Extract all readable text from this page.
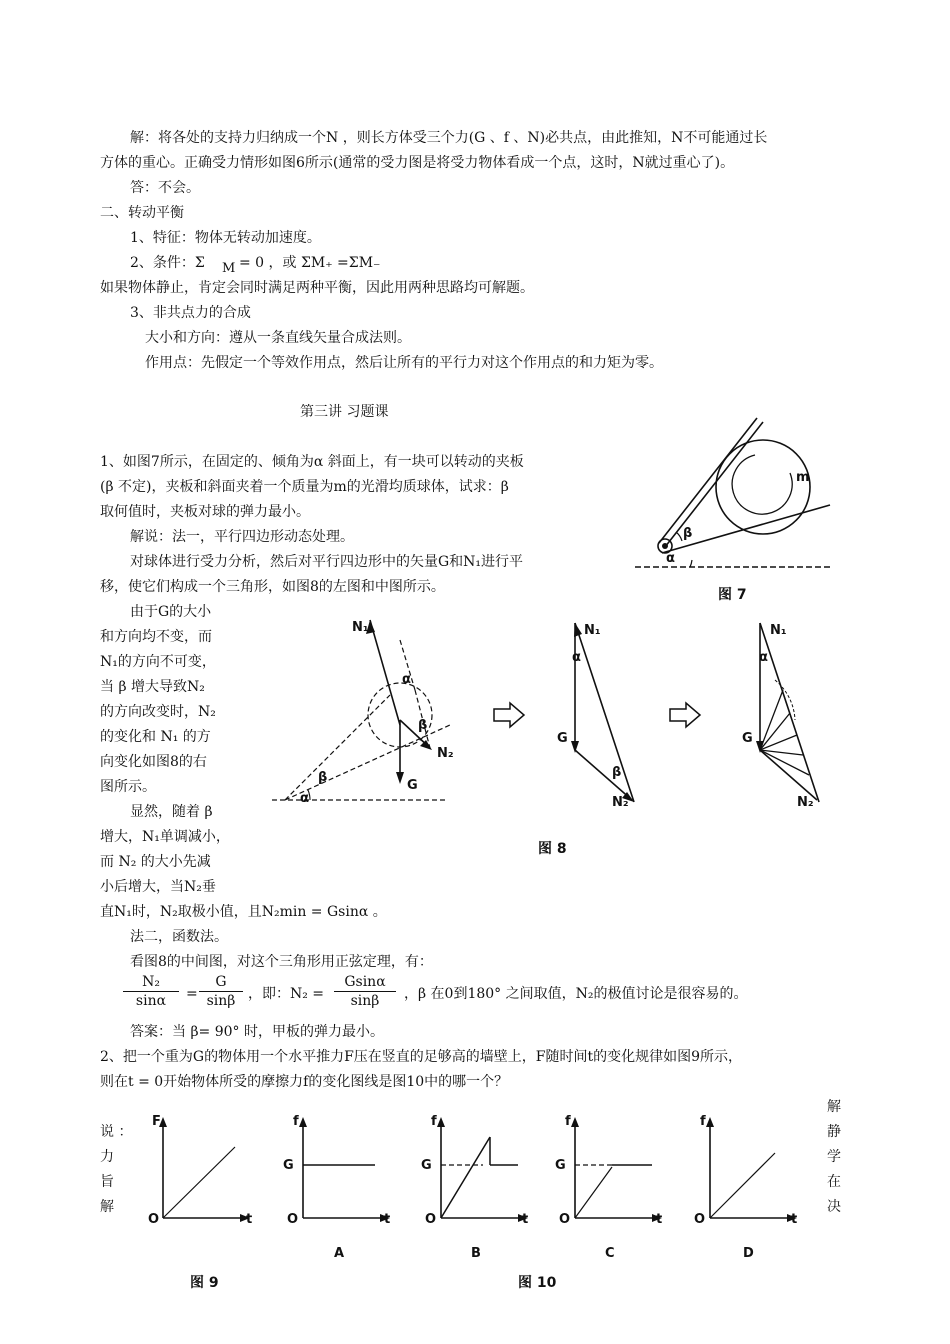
解：将各处的支持力归纳成一个N ，则长方体受三个力(G 、f 、N)必共点，由此推知，N不可能通过长
方体的重心。正确受力情形如图6所示(通常的受力图是将受力物体看成一个点，这时，N就过重心了)。
答：不会。
二、转动平衡
1、特征：物体无转动加速度。
2、条件：Σ M = 0 ，或 ΣM₊ =ΣM₋
如果物体静止，肯定会同时满足两种平衡，因此用两种思路均可解题。
3、非共点力的合成
大小和方向：遵从一条直线矢量合成法则。
作用点：先假定一个等效作用点，然后让所有的平行力对这个作用点的和力矩为零。
第三讲 习题课
1、如图7所示，在固定的、倾角为α 斜面上，有一块可以转动的夹板
(β 不定)，夹板和斜面夹着一个质量为m的光滑均质球体，试求：β
取何值时，夹板对球的弹力最小。
解说：法一，平行四边形动态处理。
对球体进行受力分析，然后对平行四边形中的矢量G和N₁进行平
移，使它们构成一个三角形，如图8的左图和中图所示。
由于G的大小
和方向均不变，而
N₁的方向不可变，
当 β 增大导致N₂
的方向改变时，N₂
的变化和 N₁ 的方
向变化如图8的右
图所示。
显然，随着 β
增大，N₁单调减小，
而 N₂ 的大小先减
小后增大，当N₂垂
直N₁时，N₂取极小值，且N₂min = Gsinα 。
法二，函数法。
看图8的中间图，对这个三角形用正弦定理，有：
$\frac{\text{N₂}}{\sin\alpha} = \frac{G}{\sin\beta}$ ，即：$N_2 = \frac{Gsin\alpha}{\sin\beta}$ ，β 在0到180° 之间取值，N₂的极值讨论是很容易的。
答案：当 β= 90° 时，甲板的弹力最小。
2、把一个重为G的物体用一个水平推力F压在竖直的足够高的墙壁上，F随时间t的变化规律如图9所示，
则在t = 0开始物体所受的摩擦力f的变化图线是图10中的哪一个？
说 ：
力
旨
解
解
静
学
在
决
m
β
α
图 7
N₁
N₂
G
α
β
α
β
N₁
α
G
β
N₂
N₁
α
G
N₂
图 8
F
t
O
图 9
f
G
t
O
A
f
G
t
O
B
f
G
t
O
C
f
t
O
D
图 10
